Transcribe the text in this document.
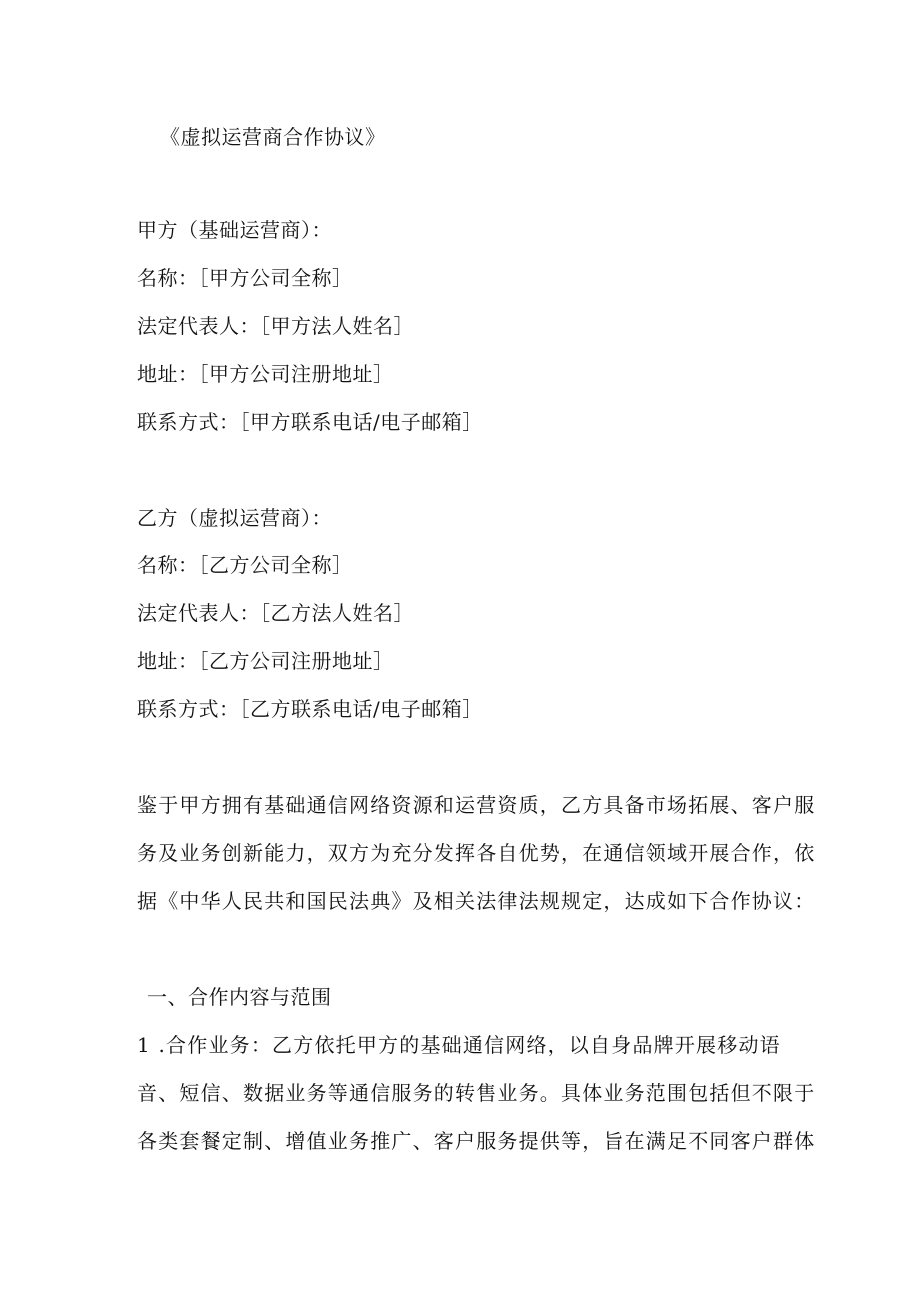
《虚拟运营商合作协议》
甲方（基础运营商）：
名称：［甲方公司全称］
法定代表人：［甲方法人姓名］
地址：［甲方公司注册地址］
联系方式：［甲方联系电话/电子邮箱］
乙方（虚拟运营商）：
名称：［乙方公司全称］
法定代表人：［乙方法人姓名］
地址：［乙方公司注册地址］
联系方式：［乙方联系电话/电子邮箱］
鉴于甲方拥有基础通信网络资源和运营资质，乙方具备市场拓展、客户服
务及业务创新能力，双方为充分发挥各自优势，在通信领域开展合作，依
据《中华人民共和国民法典》及相关法律法规规定，达成如下合作协议：
一、合作内容与范围
1 .合作业务：乙方依托甲方的基础通信网络，以自身品牌开展移动语
音、短信、数据业务等通信服务的转售业务。具体业务范围包括但不限于
各类套餐定制、增值业务推广、客户服务提供等，旨在满足不同客户群体
